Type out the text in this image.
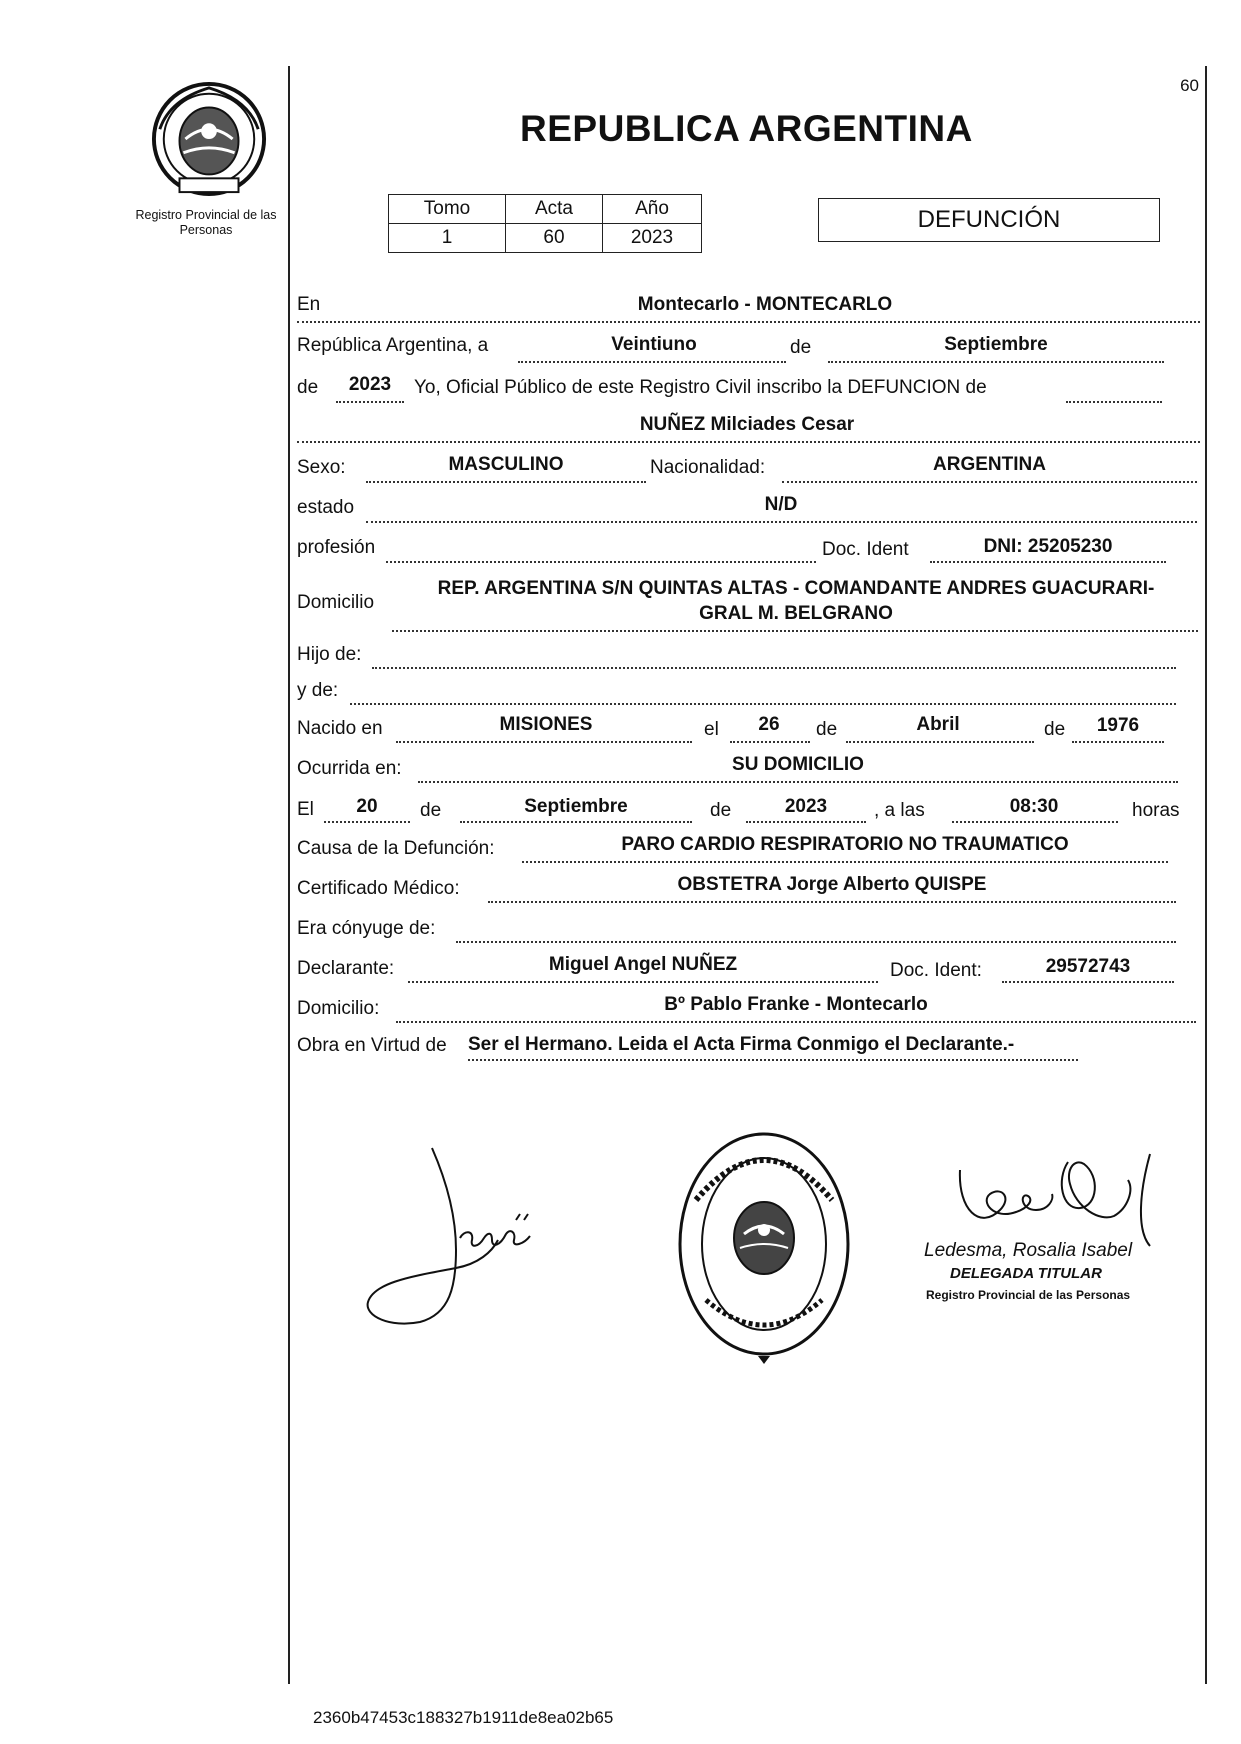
Registro Provincial de las Personas
60
REPUBLICA ARGENTINA
Tomo	Acta	Año
1	60	2023
DEFUNCIÓN
En	Montecarlo - MONTECARLO
República Argentina, a	Veintiuno	de	Septiembre
de	2023	Yo, Oficial Público de este Registro Civil inscribo la DEFUNCION de
NUÑEZ Milciades Cesar
Sexo:	MASCULINO	Nacionalidad:	ARGENTINA
estado	N/D
profesión	Doc. Ident	DNI: 25205230
Domicilio
REP. ARGENTINA S/N QUINTAS ALTAS - COMANDANTE ANDRES GUACURARI-
GRAL M. BELGRANO
Hijo de:
y de:
Nacido en	MISIONES	el	26	de	Abril	de	1976
Ocurrida en:	SU DOMICILIO
El	20	de	Septiembre	de	2023	, a las	08:30	horas
Causa de la Defunción:	PARO CARDIO RESPIRATORIO NO TRAUMATICO
Certificado Médico:	OBSTETRA Jorge Alberto QUISPE
Era cónyuge de:
Declarante:	Miguel Angel NUÑEZ	Doc. Ident:	29572743
Domicilio:	Bº Pablo Franke - Montecarlo
Obra en Virtud de Ser el Hermano. Leida el Acta Firma Conmigo el Declarante.-
Ledesma, Rosalia Isabel
DELEGADA TITULAR
Registro Provincial de las Personas
2360b47453c188327b1911de8ea02b65
